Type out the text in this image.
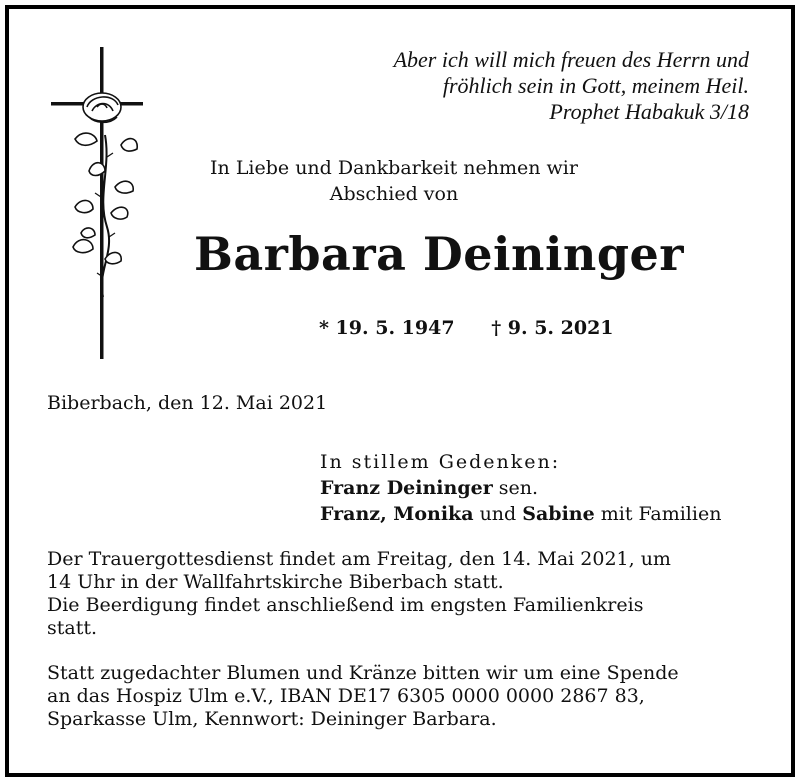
Aber ich will mich freuen des Herrn und
fröhlich sein in Gott, meinem Heil.
Prophet Habakuk 3/18
In Liebe und Dankbarkeit nehmen wir
Abschied von
Barbara Deininger
* 19. 5. 1947 † 9. 5. 2021
Biberbach, den 12. Mai 2021
In stillem Gedenken:
Franz Deininger sen.
Franz, Monika und Sabine mit Familien
Der Trauergottesdienst findet am Freitag, den 14. Mai 2021, um
14 Uhr in der Wallfahrtskirche Biberbach statt.
Die Beerdigung findet anschließend im engsten Familienkreis
statt.
Statt zugedachter Blumen und Kränze bitten wir um eine Spende
an das Hospiz Ulm e.V., IBAN DE17 6305 0000 0000 2867 83,
Sparkasse Ulm, Kennwort: Deininger Barbara.
